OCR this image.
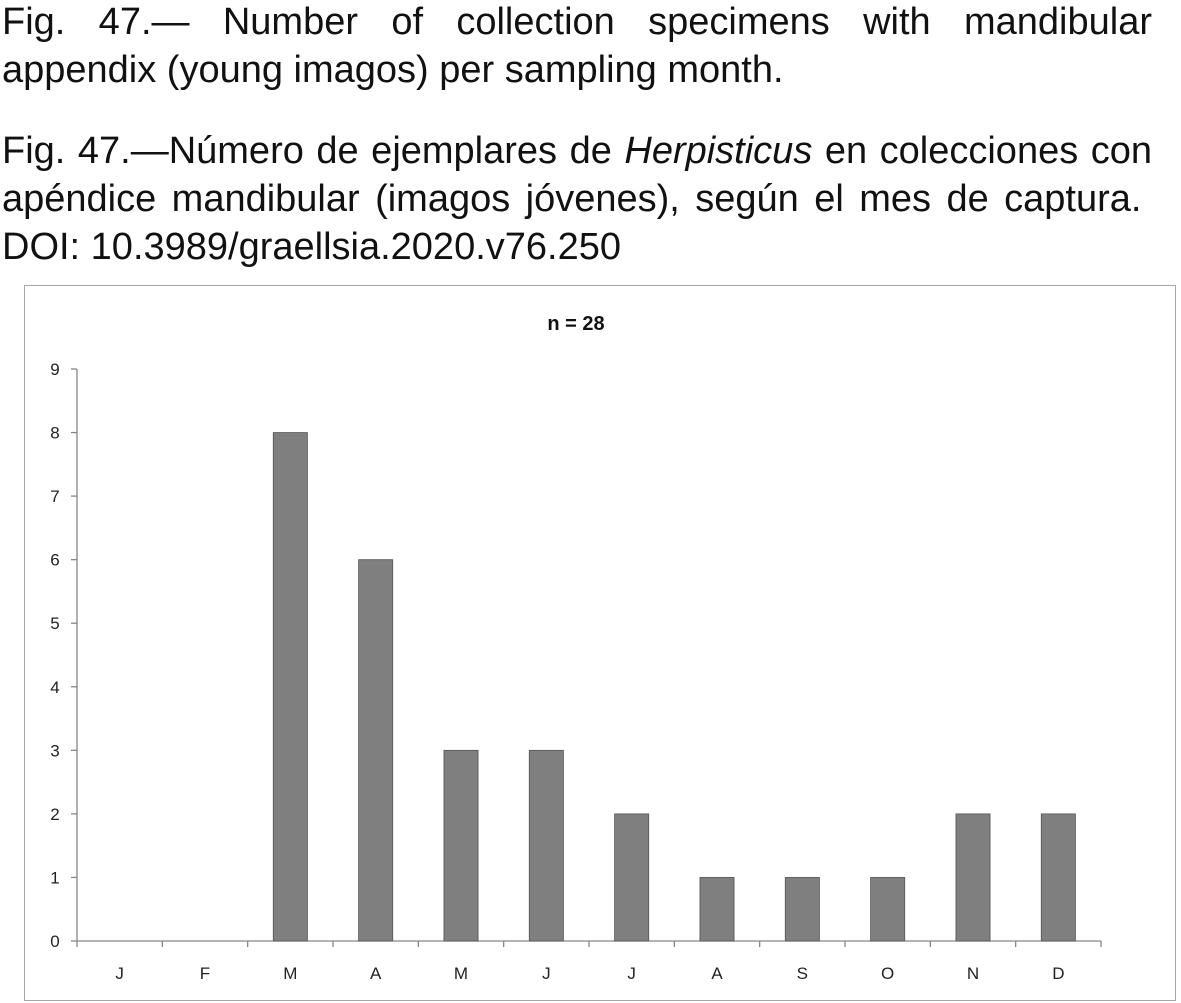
Fig. 47.— Number of collection specimens with mandibular appendix (young imagos) per sampling month.

Fig. 47.—Número de ejemplares de Herpisticus en colecciones con apéndice mandibular (imagos jóvenes), según el mes de captura.  DOI: 10.3989/graellsia.2020.v76.250

n = 28
0
1
2
3
4
5
6
7
8
9
J	F	M	A	M	J	J	A	S	O	N	D
